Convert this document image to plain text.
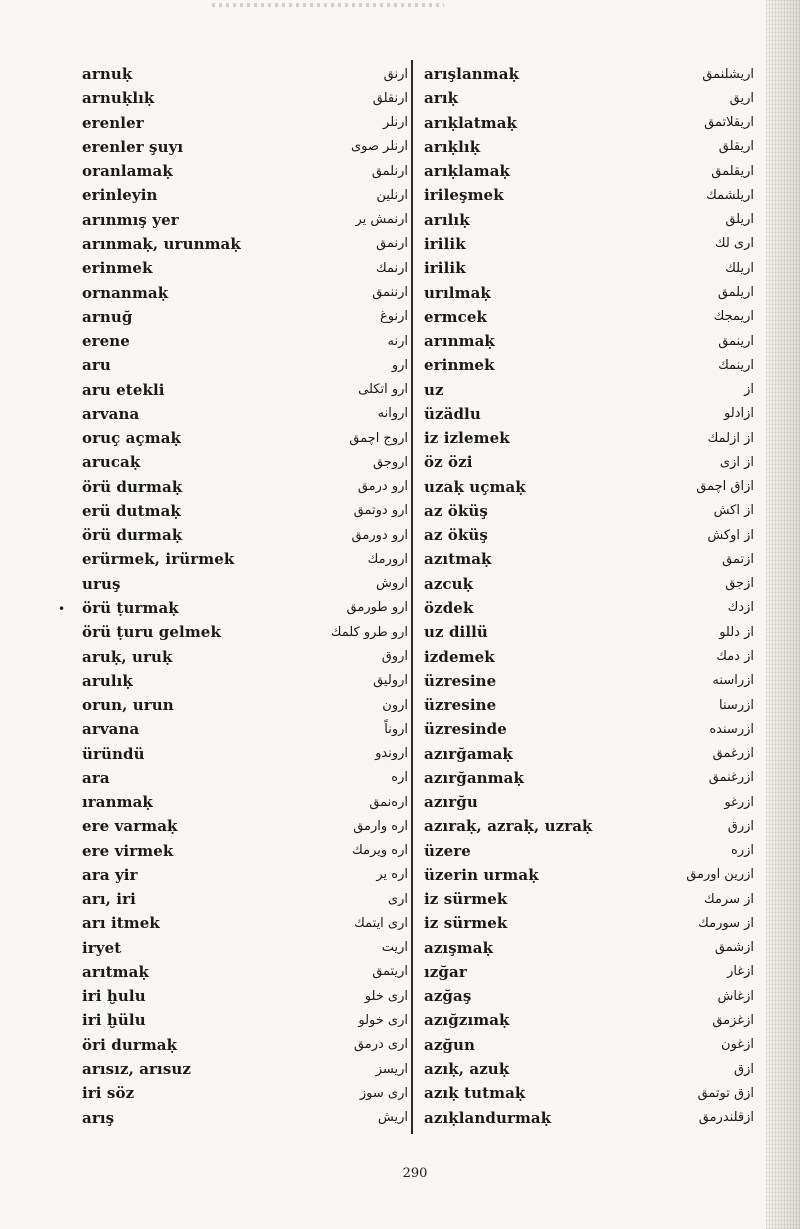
arnuḳ	ارنق
arnuḳlıḳ	ارنقلق
erenler	ارنلر
erenler şuyı	ارنلر صوی
oranlamaḳ	ارنلمق
erinleyin	ارنلین
arınmış yer	ارنمش یر
arınmaḳ, urunmaḳ	ارنمق
erinmek	ارنمك
ornanmaḳ	ارننمق
arnuğ	ارنوغ
erene	ارنه
aru	ارو
aru etekli	ارو اتكلی
arvana	اروانه
oruç açmaḳ	اروج اچمق
arucaḳ	اروجق
örü durmaḳ	ارو درمق
erü dutmaḳ	ارو دوتمق
örü durmaḳ	ارو دورمق
erürmek, irürmek	ارورمك
uruş	اروش
örü ṭurmaḳ	ارو طورمق
örü ṭuru gelmek	ارو طرو كلمك
aruḳ, uruḳ	اروق
arulıḳ	اروليق
orun, urun	ارون
arvana	اروناً
üründü	اروندو
ara	اره
ıranmaḳ	ارەنمق
ere varmaḳ	اره وارمق
ere virmek	اره ویرمك
ara yir	اره یر
arı, iri	اری
arı itmek	اری ایتمك
iryet	اریت
arıtmaḳ	اریتمق
iri ḫulu	اری خلو
iri ḫülu	اری خولو
öri durmaḳ	اری درمق
arısız, arısuz	اریسز
iri söz	اری سوز
arış	اریش
arışlanmaḳ	اریشلنمق
arıḳ	اریق
arıḳlatmaḳ	اریقلاتمق
arıḳlıḳ	اریقلق
arıḳlamaḳ	اریقلمق
irileşmek	اریلشمك
arılıḳ	اریلق
irilik	اری لك
irilik	اریلك
urılmaḳ	اریلمق
ermcek	اریمجك
arınmaḳ	ارینمق
erinmek	ارینمك
uz	از
üzädlu	ازادلو
iz izlemek	از ازلمك
öz özi	از ازی
uzaḳ uçmaḳ	ازاق اچمق
az öküş	از اكش
az öküş	از اوكش
azıtmaḳ	ازتمق
azcuḳ	ازجق
özdek	ازدك
uz dillü	از دللو
izdemek	از دمك
üzresine	ازراسنه
üzresine	ازرسنا
üzresinde	ازرسنده
azırğamaḳ	ازرغمق
azırğanmaḳ	ازرغنمق
azırğu	ازرغو
azıraḳ, azraḳ, uzraḳ	ازرق
üzere	ازره
üzerin urmaḳ	ازرین اورمق
iz sürmek	از سرمك
iz sürmek	از سورمك
azışmaḳ	ازشمق
ızğar	ازغار
azğaş	ازغاش
azığzımaḳ	ازغزمق
azğun	ازغون
azıḳ, azuḳ	ازق
azıḳ tutmaḳ	ازق توتمق
azıḳlandurmaḳ	ازقلندرمق
•
290
